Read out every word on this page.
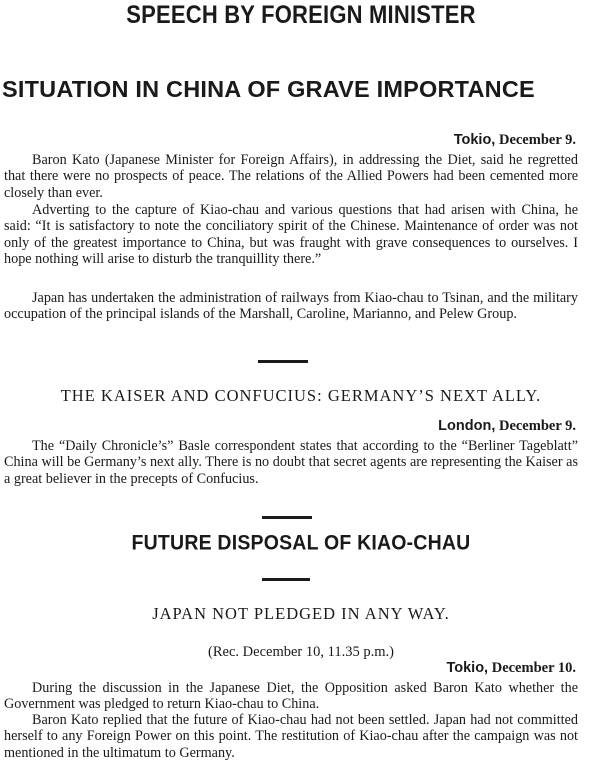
SPEECH BY FOREIGN MINISTER
SITUATION IN CHINA OF GRAVE IMPORTANCE
Tokio, December 9.
Baron Kato (Japanese Minister for Foreign Affairs), in addressing the Diet, said he regretted that there were no prospects of peace. The relations of the Allied Powers had been cemented more closely than ever.
Adverting to the capture of Kiao-chau and various questions that had arisen with China, he said: “It is satisfactory to note the conciliatory spirit of the Chinese. Maintenance of order was not only of the greatest importance to China, but was fraught with grave consequences to ourselves. I hope nothing will arise to disturb the tranquillity there.”
Japan has undertaken the administration of railways from Kiao-chau to Tsinan, and the military occupation of the principal islands of the Marshall, Caroline, Marianno, and Pelew Group.
THE KAISER AND CONFUCIUS: GERMANY’S NEXT ALLY.
London, December 9.
The “Daily Chronicle’s” Basle correspondent states that according to the “Berliner Tageblatt” China will be Germany’s next ally. There is no doubt that secret agents are representing the Kaiser as a great believer in the precepts of Confucius.
FUTURE DISPOSAL OF KIAO-CHAU
JAPAN NOT PLEDGED IN ANY WAY.
(Rec. December 10, 11.35 p.m.)
Tokio, December 10.
During the discussion in the Japanese Diet, the Opposition asked Baron Kato whether the Government was pledged to return Kiao-chau to China.
Baron Kato replied that the future of Kiao-chau had not been settled. Japan had not committed herself to any Foreign Power on this point. The restitution of Kiao-chau after the campaign was not mentioned in the ultimatum to Germany.
